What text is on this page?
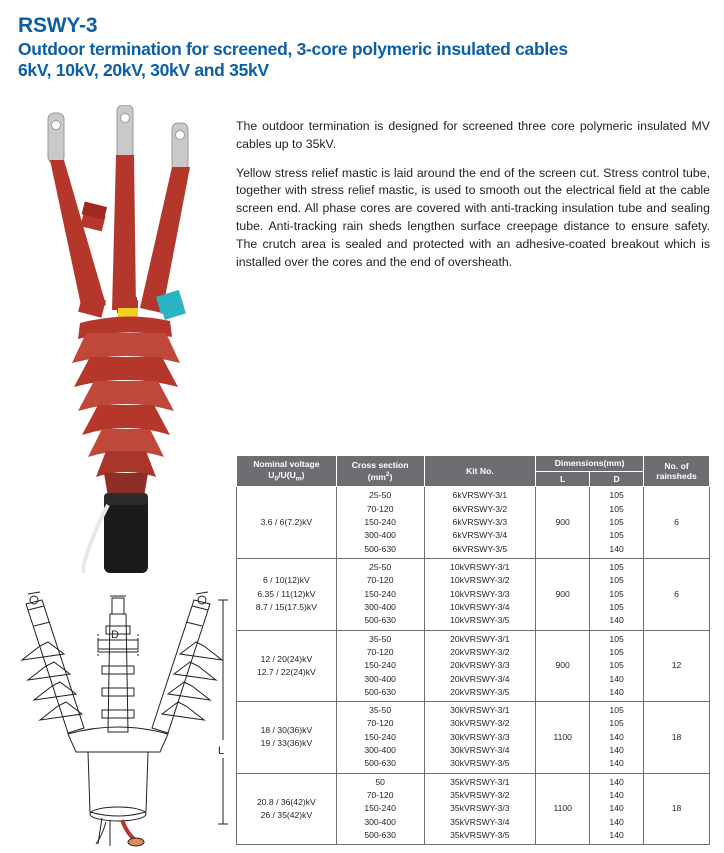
RSWY-3
Outdoor termination for screened, 3-core polymeric insulated cables
6kV, 10kV, 20kV, 30kV and 35kV

The outdoor termination is designed for screened three core polymeric insulated MV cables up to 35kV.

Yellow stress relief mastic is laid around the end of the screen cut. Stress control tube, together with stress relief mastic, is used to smooth out the electrical field at the cable screen end. All phase cores are covered with anti-tracking insulation tube and sealing tube. Anti-tracking rain sheds lengthen surface creepage distance to ensure safety. The crutch area is sealed and protected with an adhesive-coated breakout which is installed over the cores and the end of oversheath.

D
L
Nominal voltage
$U_0/U(U_m)$	Cross section
$(mm^2)$	Kit No.	Dimensions(mm)		No. of
rainsheds
			L	D	
3.6 / 6(7.2)kV	25-50
70-120
150-240
300-400
500-630	6kVRSWY-3/1
6kVRSWY-3/2
6kVRSWY-3/3
6kVRSWY-3/4
6kVRSWY-3/5	900	105
105
105
105
140	6
6 / 10(12)kV
6.35 / 11(12)kV
8.7 / 15(17.5)kV	25-50
70-120
150-240
300-400
500-630	10kVRSWY-3/1
10kVRSWY-3/2
10kVRSWY-3/3
10kVRSWY-3/4
10kVRSWY-3/5	900	105
105
105
105
140	6
12 / 20(24)kV
12.7 / 22(24)kV	35-50
70-120
150-240
300-400
500-630	20kVRSWY-3/1
20kVRSWY-3/2
20kVRSWY-3/3
20kVRSWY-3/4
20kVRSWY-3/5	900	105
105
105
140
140	12
18 / 30(36)kV
19 / 33(36)kV	35-50
70-120
150-240
300-400
500-630	30kVRSWY-3/1
30kVRSWY-3/2
30kVRSWY-3/3
30kVRSWY-3/4
30kVRSWY-3/5	1100	105
105
140
140
140	18
20.8 / 36(42)kV
26 / 35(42)kV	50
70-120
150-240
300-400
500-630	35kVRSWY-3/1
35kVRSWY-3/2
35kVRSWY-3/3
35kVRSWY-3/4
35kVRSWY-3/5	1100	140
140
140
140
140	18
